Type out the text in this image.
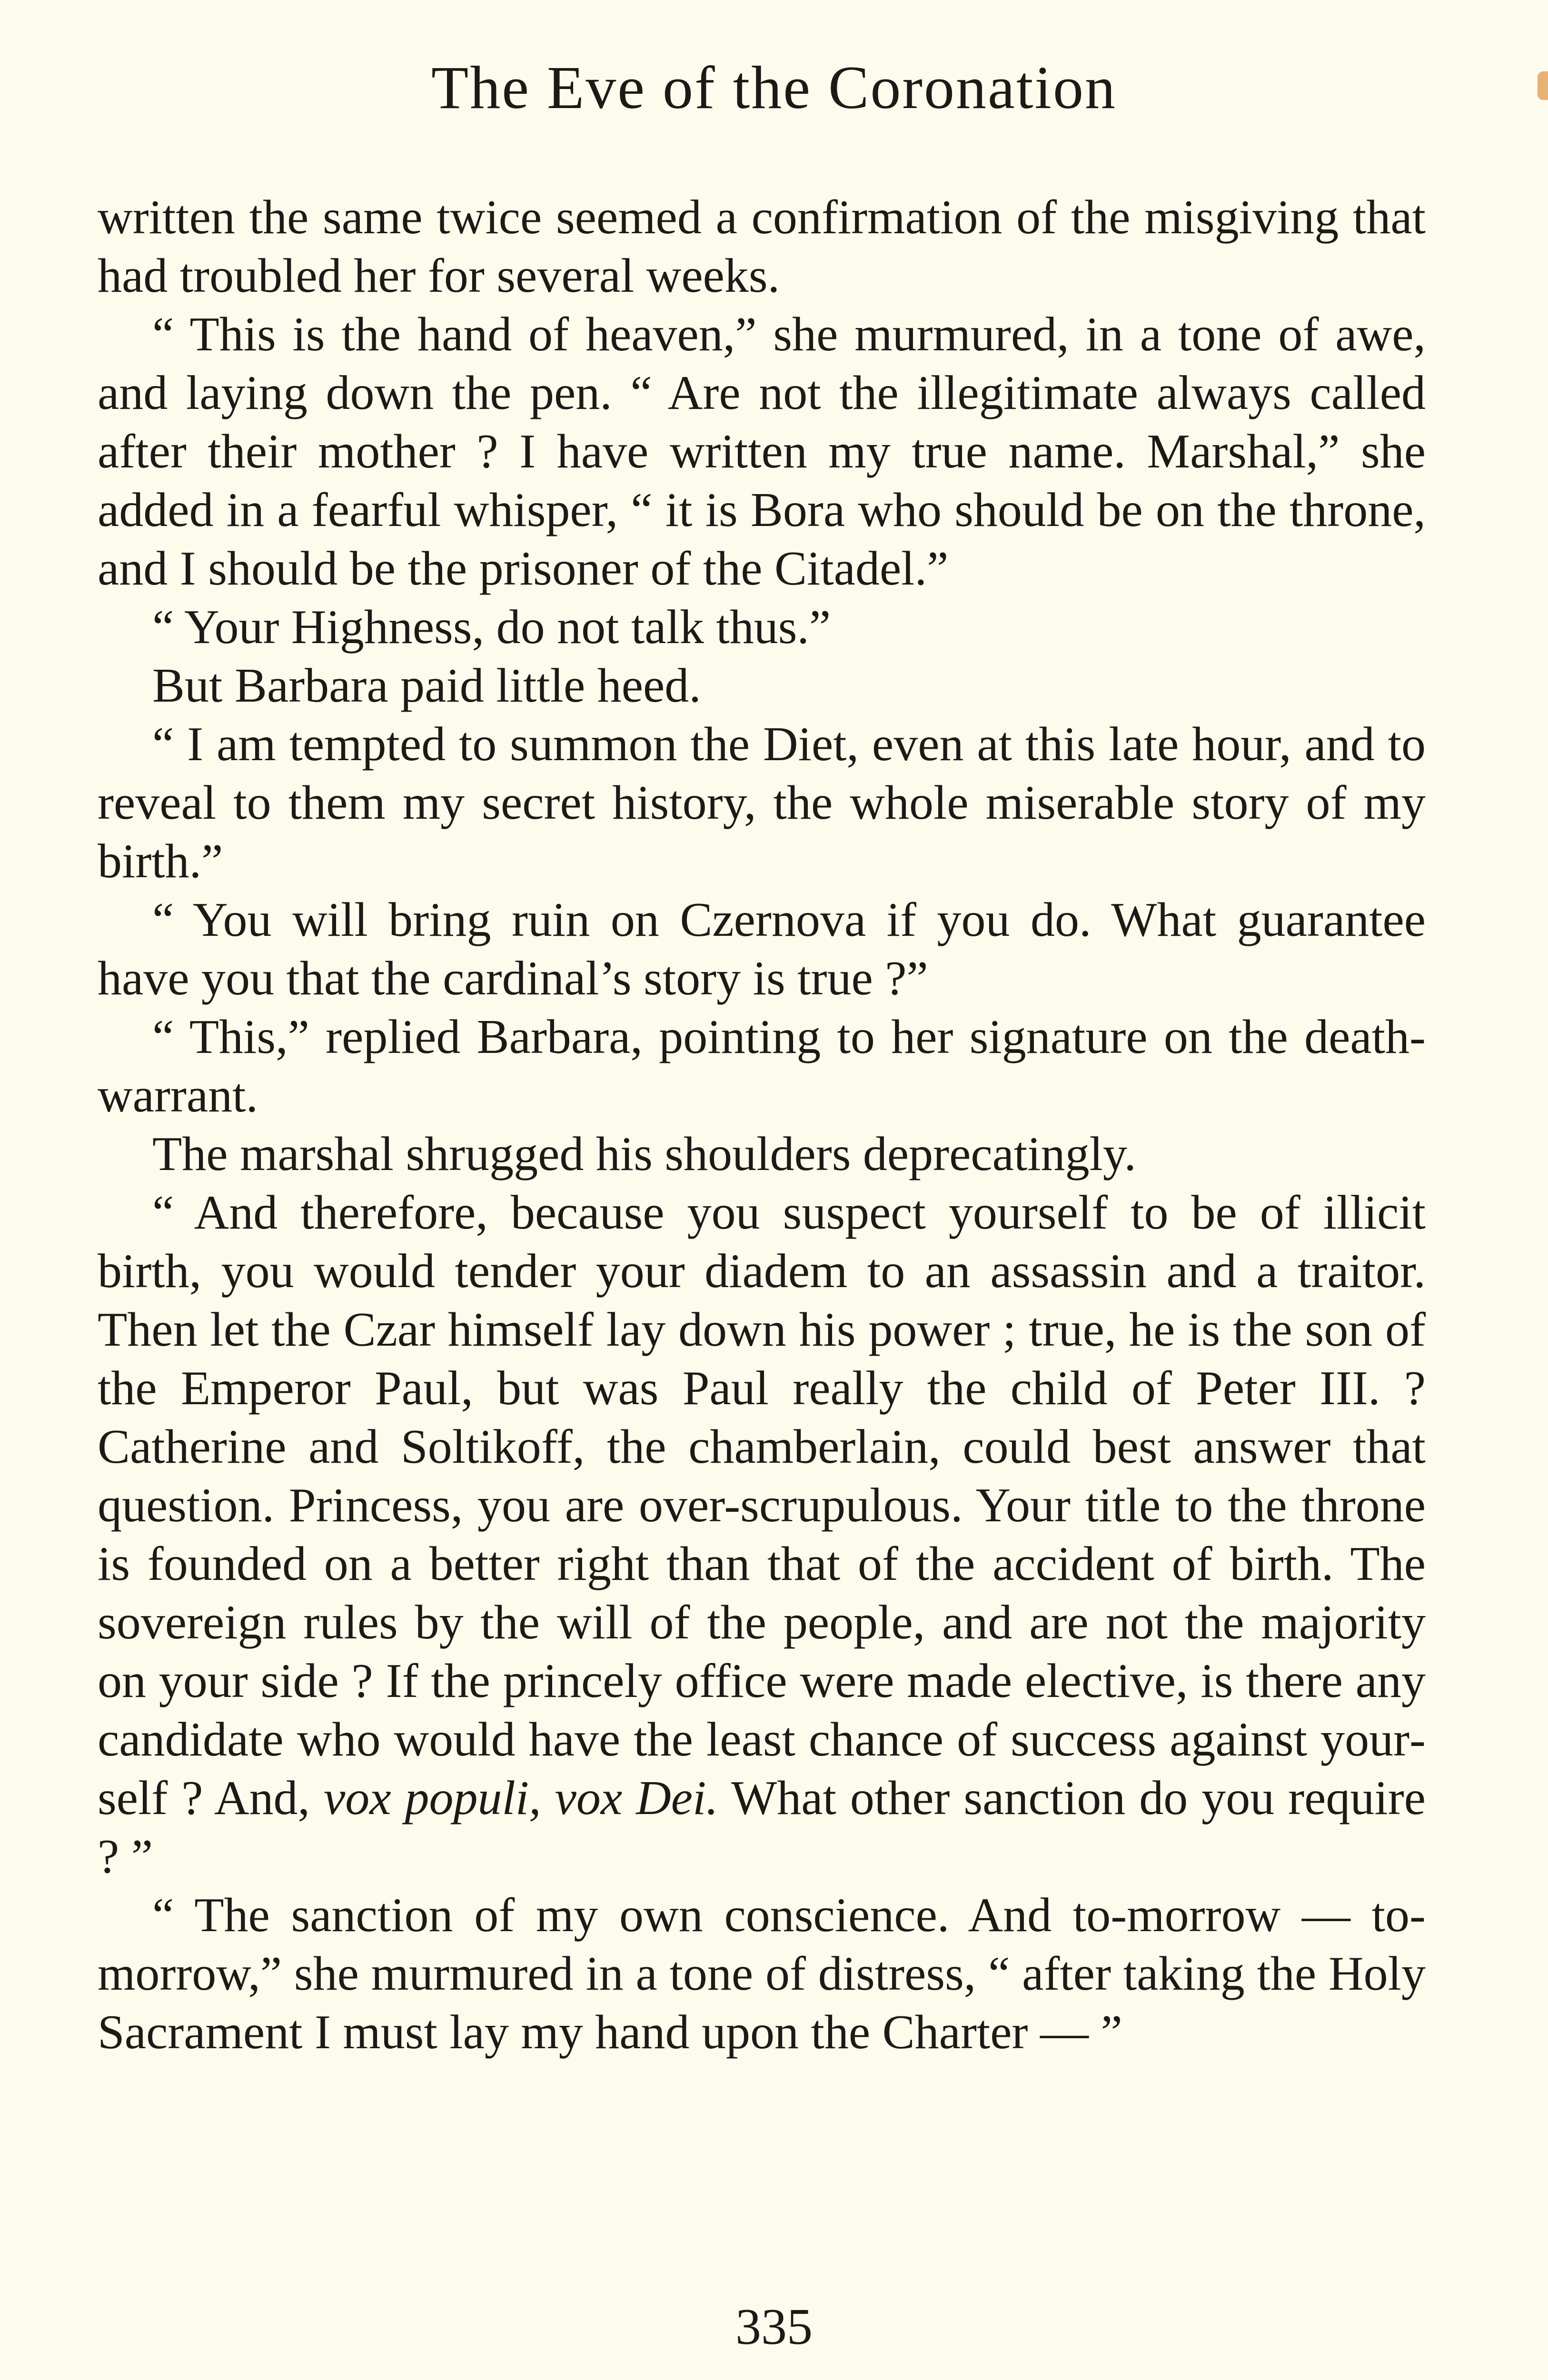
The Eve of the Coronation

written the same twice seemed a confirmation of the misgiving that had troubled her for several weeks.

“ This is the hand of heaven,” she murmured, in a tone of awe, and laying down the pen. “ Are not the illegitimate always called after their mother ? I have written my true name. Marshal,” she added in a fearful whisper, “ it is Bora who should be on the throne, and I should be the prisoner of the Citadel.”

“ Your Highness, do not talk thus.”

But Barbara paid little heed.

“ I am tempted to summon the Diet, even at this late hour, and to reveal to them my secret history, the whole miserable story of my birth.”

“ You will bring ruin on Czernova if you do. What guarantee have you that the cardinal’s story is true ?”

“ This,” replied Barbara, pointing to her signature on the death-warrant.

The marshal shrugged his shoulders deprecatingly.

“ And therefore, because you suspect yourself to be of illicit birth, you would tender your diadem to an assassin and a traitor. Then let the Czar himself lay down his power ; true, he is the son of the Emperor Paul, but was Paul really the child of Peter III. ? Catherine and Soltikoff, the chamberlain, could best answer that question. Princess, you are over-scrupulous. Your title to the throne is founded on a better right than that of the accident of birth. The sovereign rules by the will of the people, and are not the majority on your side ? If the princely office were made elective, is there any candidate who would have the least chance of success against yourself ? And, vox populi, vox Dei. What other sanction do you require ? ”

“ The sanction of my own conscience. And to-morrow — to-morrow,” she murmured in a tone of distress, “ after taking the Holy Sacrament I must lay my hand upon the Charter — ”

335
